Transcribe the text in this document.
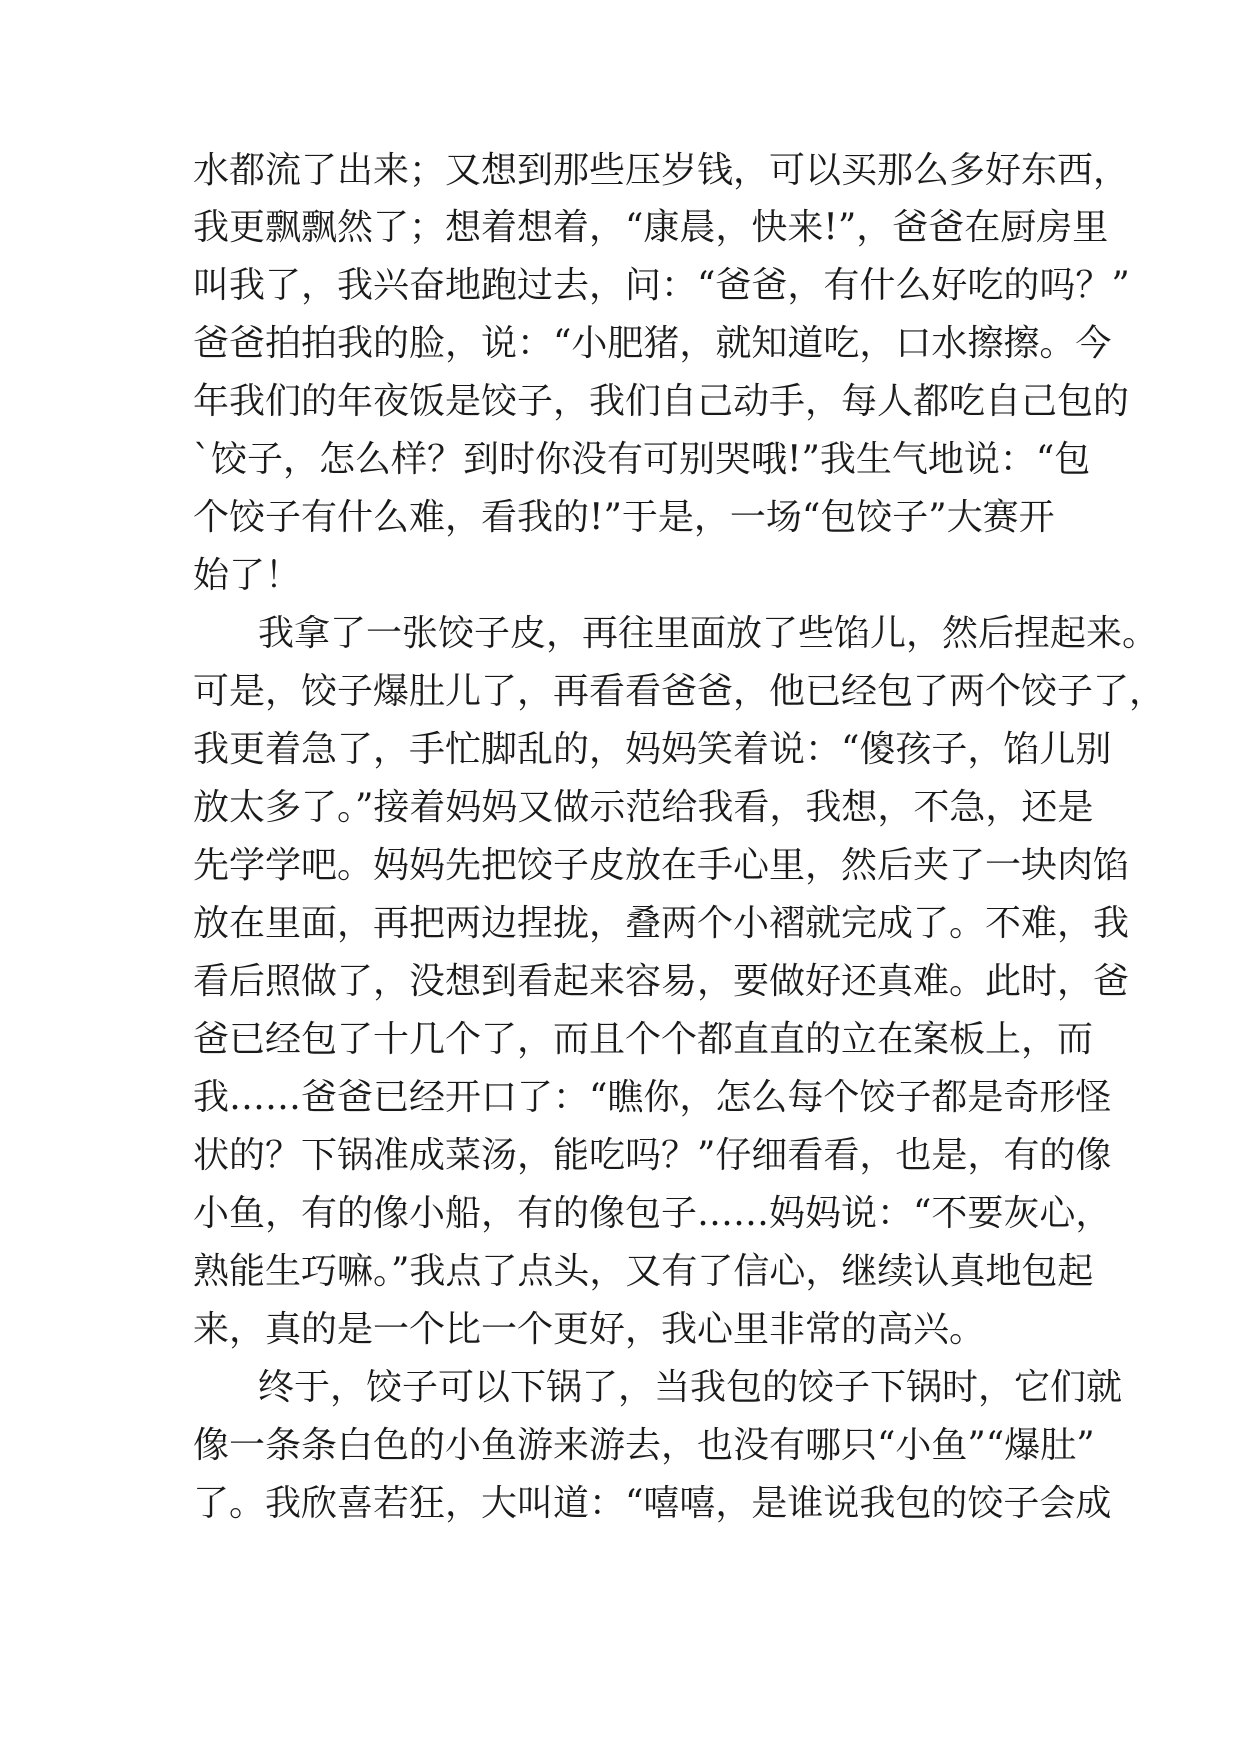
水都流了出来；又想到那些压岁钱，可以买那么多好东西，
我更飘飘然了；想着想着，“康晨，快来!”，爸爸在厨房里
叫我了，我兴奋地跑过去，问：“爸爸，有什么好吃的吗？”
爸爸拍拍我的脸，说：“小肥猪，就知道吃，口水擦擦。今
年我们的年夜饭是饺子，我们自己动手，每人都吃自己包的
`饺子，怎么样？到时你没有可别哭哦!”我生气地说：“包
个饺子有什么难，看我的!”于是，一场“包饺子”大赛开
始了！
我拿了一张饺子皮，再往里面放了些馅儿，然后捏起来。
可是，饺子爆肚儿了，再看看爸爸，他已经包了两个饺子了，
我更着急了，手忙脚乱的，妈妈笑着说：“傻孩子，馅儿别
放太多了。”接着妈妈又做示范给我看，我想，不急，还是
先学学吧。妈妈先把饺子皮放在手心里，然后夹了一块肉馅
放在里面，再把两边捏拢，叠两个小褶就完成了。不难，我
看后照做了，没想到看起来容易，要做好还真难。此时，爸
爸已经包了十几个了，而且个个都直直的立在案板上，而
我……爸爸已经开口了：“瞧你，怎么每个饺子都是奇形怪
状的？下锅准成菜汤，能吃吗？”仔细看看，也是，有的像
小鱼，有的像小船，有的像包子……妈妈说：“不要灰心，
熟能生巧嘛。”我点了点头，又有了信心，继续认真地包起
来，真的是一个比一个更好，我心里非常的高兴。
终于，饺子可以下锅了，当我包的饺子下锅时，它们就
像一条条白色的小鱼游来游去，也没有哪只“小鱼”“爆肚”
了。我欣喜若狂，大叫道：“嘻嘻，是谁说我包的饺子会成
